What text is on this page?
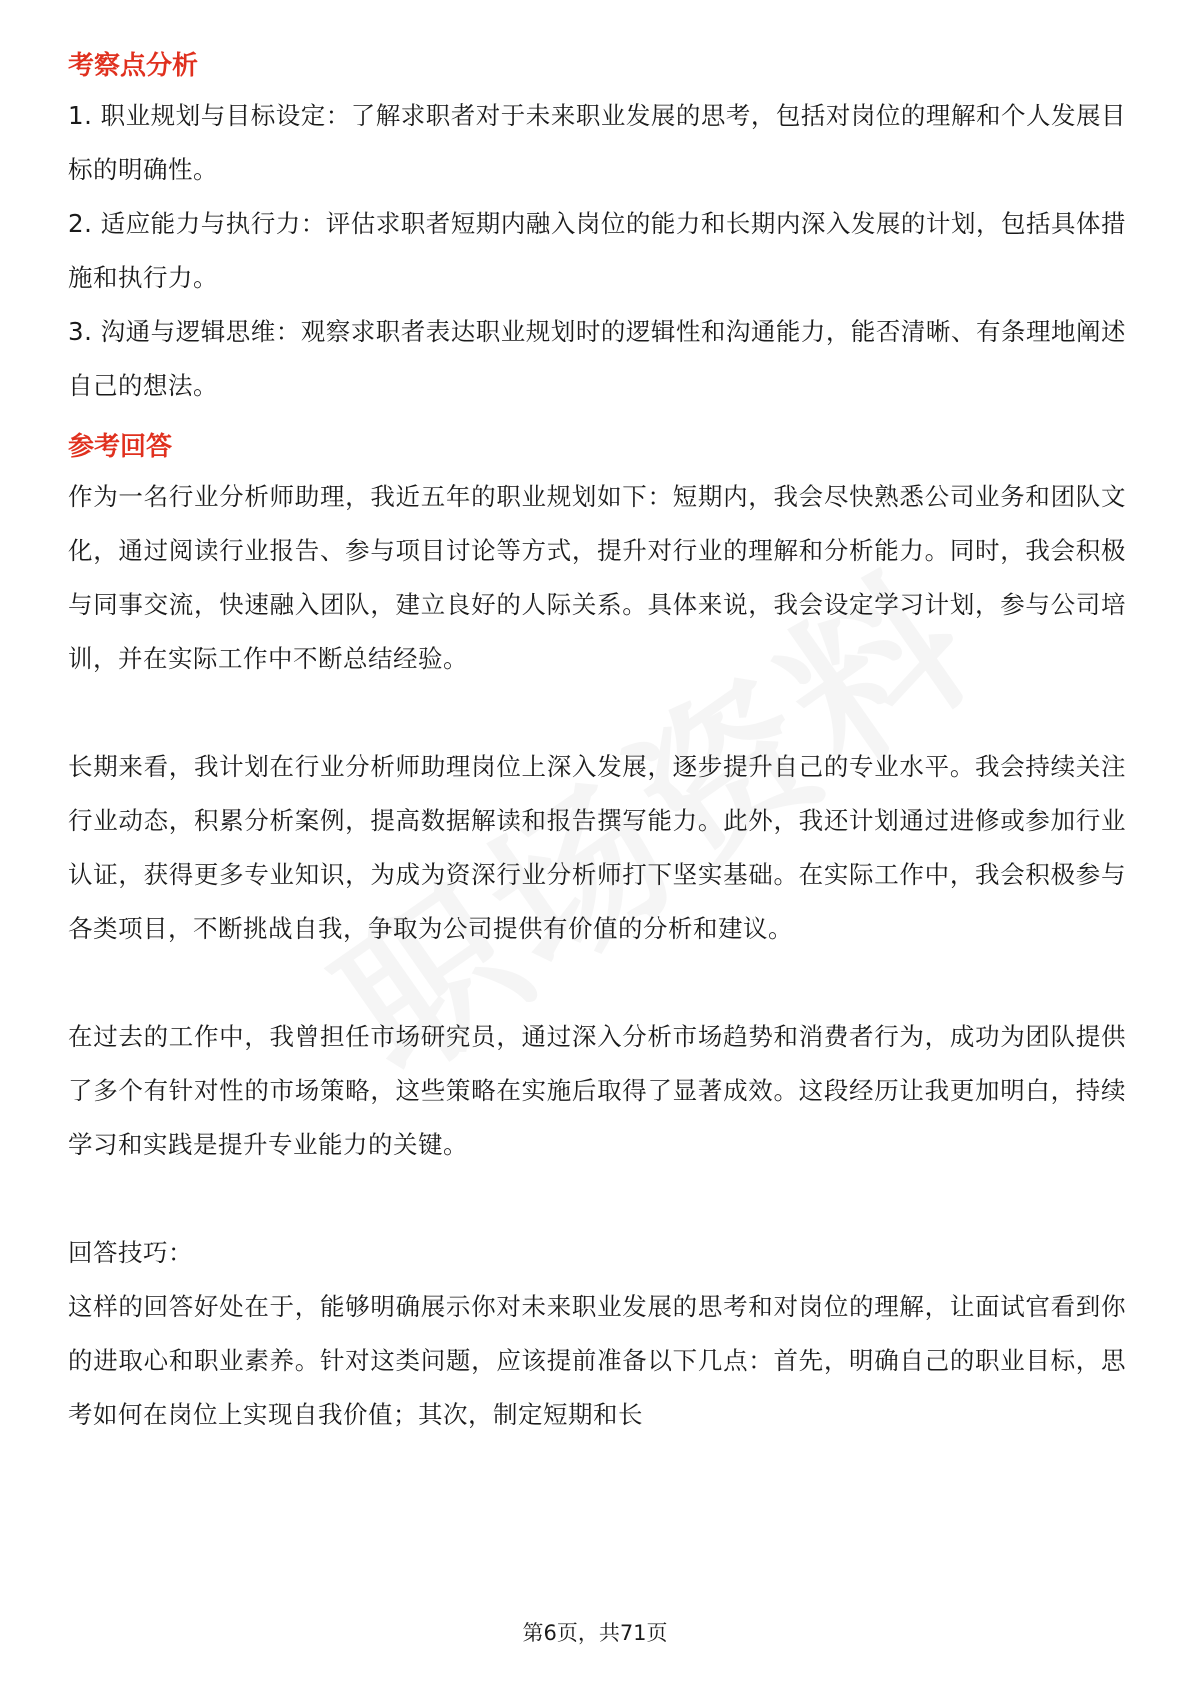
考察点分析

1. 职业规划与目标设定：了解求职者对于未来职业发展的思考，包括对岗位的理解和个人发展目标的明确性。

2. 适应能力与执行力：评估求职者短期内融入岗位的能力和长期内深入发展的计划，包括具体措施和执行力。

3. 沟通与逻辑思维：观察求职者表达职业规划时的逻辑性和沟通能力，能否清晰、有条理地阐述自己的想法。

参考回答

作为一名行业分析师助理，我近五年的职业规划如下：短期内，我会尽快熟悉公司业务和团队文化，通过阅读行业报告、参与项目讨论等方式，提升对行业的理解和分析能力。同时，我会积极与同事交流，快速融入团队，建立良好的人际关系。具体来说，我会设定学习计划，参与公司培训，并在实际工作中不断总结经验。

长期来看，我计划在行业分析师助理岗位上深入发展，逐步提升自己的专业水平。我会持续关注行业动态，积累分析案例，提高数据解读和报告撰写能力。此外，我还计划通过进修或参加行业认证，获得更多专业知识，为成为资深行业分析师打下坚实基础。在实际工作中，我会积极参与各类项目，不断挑战自我，争取为公司提供有价值的分析和建议。

在过去的工作中，我曾担任市场研究员，通过深入分析市场趋势和消费者行为，成功为团队提供了多个有针对性的市场策略，这些策略在实施后取得了显著成效。这段经历让我更加明白，持续学习和实践是提升专业能力的关键。

回答技巧：

这样的回答好处在于，能够明确展示你对未来职业发展的思考和对岗位的理解，让面试官看到你的进取心和职业素养。针对这类问题，应该提前准备以下几点：首先，明确自己的职业目标，思考如何在岗位上实现自我价值；其次，制定短期和长

第6页，共71页
